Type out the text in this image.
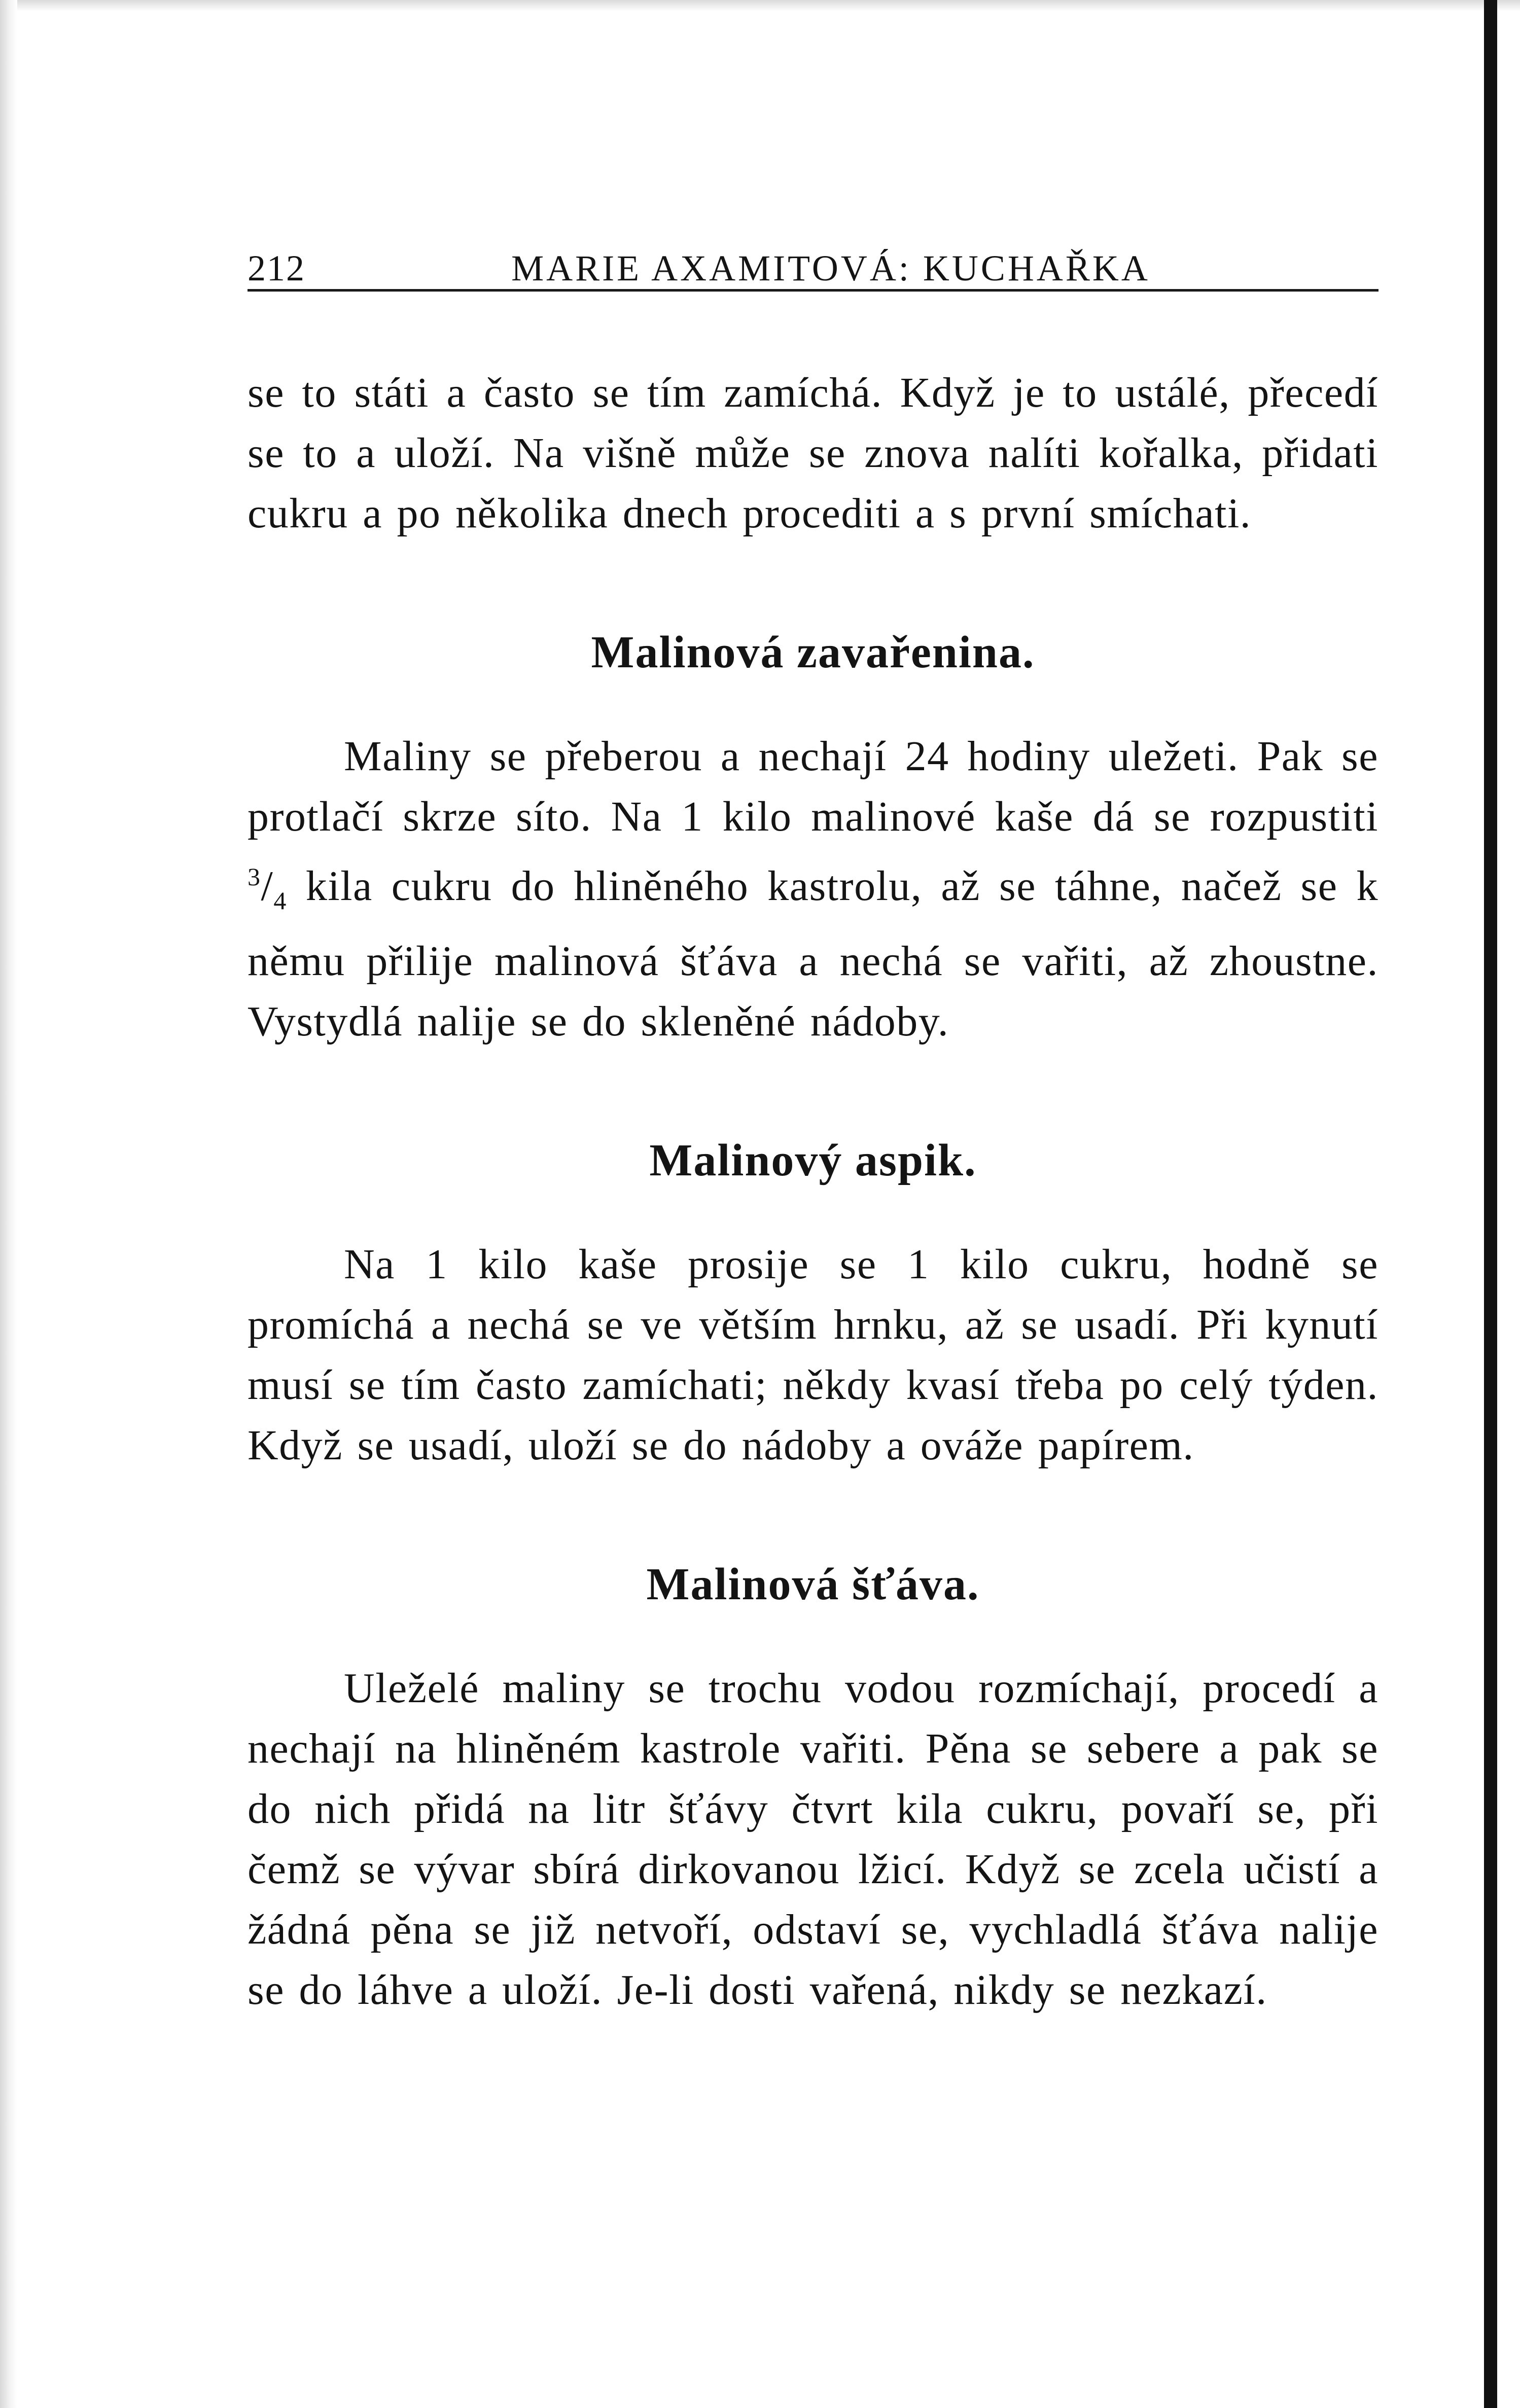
212	MARIE AXAMITOVÁ: KUCHAŘKA

se to státi a často se tím zamíchá. Když je to ustálé, přecedí se to a uloží. Na višně může se znova nalíti kořalka, přidati cukru a po několika dnech procediti a s první smíchati.

Malinová zavařenina.

Maliny se přeberou a nechají 24 hodiny uležeti. Pak se protlačí skrze síto. Na 1 kilo malinové kaše dá se rozpustiti $^3/_4$ kila cukru do hliněného kastrolu, až se táhne, načež se k němu přilije malinová šťáva a nechá se vařiti, až zhoustne. Vystydlá nalije se do skleněné nádoby.

Malinový aspik.

Na 1 kilo kaše prosije se 1 kilo cukru, hodně se promíchá a nechá se ve větším hrnku, až se usadí. Při kynutí musí se tím často zamíchati; někdy kvasí třeba po celý týden. Když se usadí, uloží se do nádoby a ováže papírem.

Malinová šťáva.

Uleželé maliny se trochu vodou rozmíchají, procedí a nechají na hliněném kastrole vařiti. Pěna se sebere a pak se do nich přidá na litr šťávy čtvrt kila cukru, povaří se, při čemž se vývar sbírá dirkovanou lžicí. Když se zcela učistí a žádná pěna se již netvoří, odstaví se, vychladlá šťáva nalije se do láhve a uloží. Je-li dosti vařená, nikdy se nezkazí.
